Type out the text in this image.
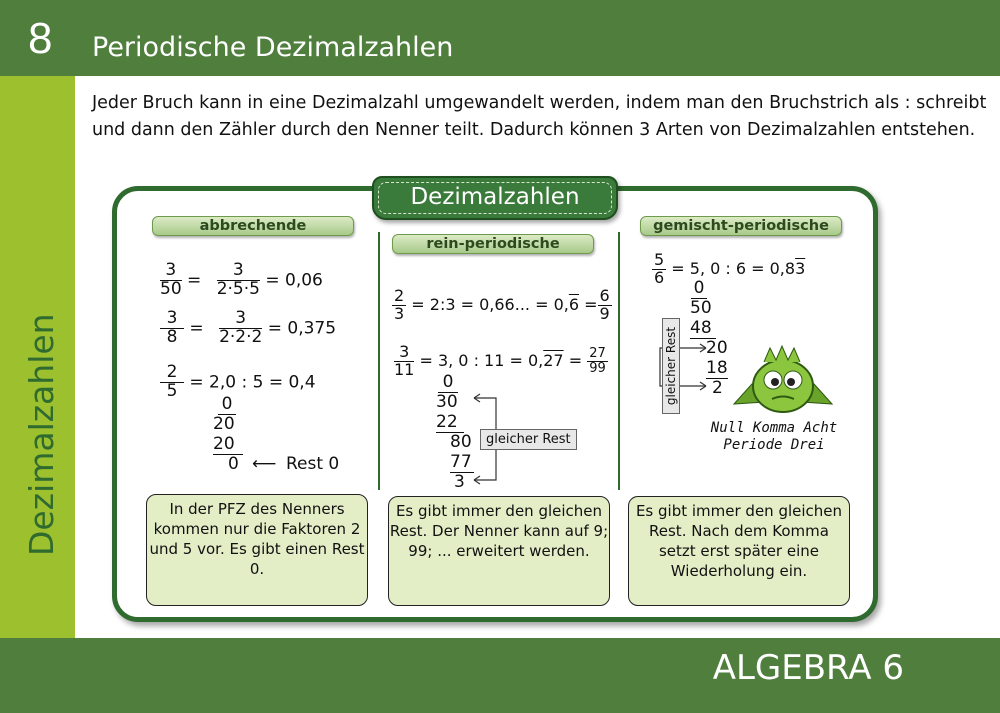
8 Periodische Dezimalzahlen
Dezimalzahlen
ALGEBRA 6

Jeder Bruch kann in eine Dezimalzahl umgewandelt werden, indem man den Bruchstrich als : schreibt und dann den Zähler durch den Nenner teilt. Dadurch können 3 Arten von Dezimalzahlen entstehen.

Dezimalzahlen
abbrechende
rein-periodische
gemischt-periodische
$\frac{3}{50} = \frac{3}{2\cdot 5\cdot 5} = 0,06$
$\frac{3}{8} = \frac{3}{2\cdot 2\cdot 2} = 0,375$
$\frac{2}{5} = 2,0$ : 5 = 0,4
0
20
20
0 ⟵ Rest 0
$\frac{2}{3}$ = 2:3 = 0,66... = $0,6 = \frac{6}{9}$
$\frac{3}{11} = 3$, 0 : $11 = 0,27 = \frac{27}{99}$
0
30
22
80
77
3
gleicher Rest
$\frac{5}{6} = 5$, 0 : 6 = 0,83
0
50
48
20
18
2
gleicher Rest
Null Komma Acht
Periode Drei
In der PFZ des Nenners kommen nur die Faktoren 2 und 5 vor. Es gibt einen Rest 0.
Es gibt immer den gleichen Rest. Der Nenner kann auf 9; 99; ... erweitert werden.
Es gibt immer den gleichen Rest. Nach dem Komma setzt erst später eine Wiederholung ein.
